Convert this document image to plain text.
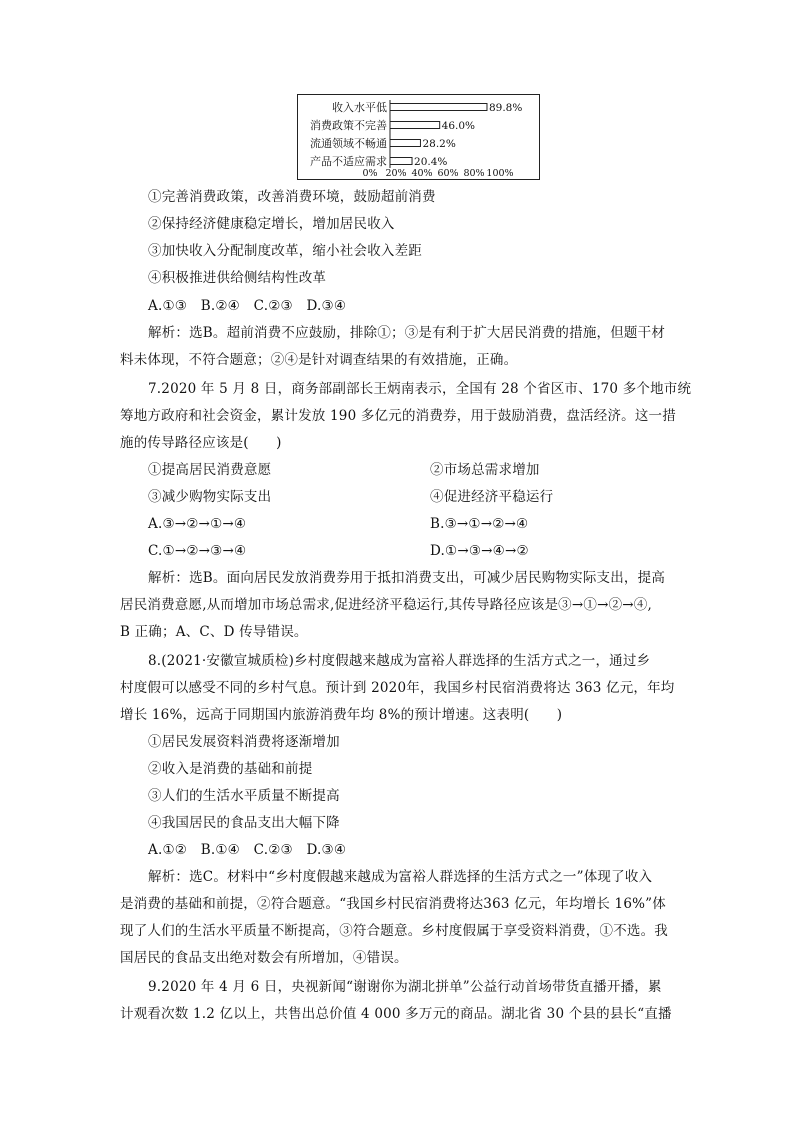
收入水平低	89.8%
消费政策不完善	46.0%
流通领域不畅通	28.2%
产品不适应需求	20.4%
0% 20% 40% 60% 80% 100%
①完善消费政策，改善消费环境，鼓励超前消费
②保持经济健康稳定增长，增加居民收入
③加快收入分配制度改革，缩小社会收入差距
④积极推进供给侧结构性改革
A.①③　B.②④　C.②③　D.③④
解析：选B。超前消费不应鼓励，排除①；③是有利于扩大居民消费的措施，但题干材
料未体现，不符合题意；②④是针对调查结果的有效措施，正确。
7.2020 年 5 月 8 日，商务部副部长王炳南表示，全国有 28 个省区市、170 多个地市统
筹地方政府和社会资金，累计发放 190 多亿元的消费券，用于鼓励消费，盘活经济。这一措
施的传导路径应该是(　　)
①提高居民消费意愿	②市场总需求增加
③减少购物实际支出	④促进经济平稳运行
A.③→②→①→④	B.③→①→②→④
C.①→②→③→④	D.①→③→④→②
解析：选B。面向居民发放消费券用于抵扣消费支出，可减少居民购物实际支出，提高
居民消费意愿,从而增加市场总需求,促进经济平稳运行,其传导路径应该是③→①→②→④,
B 正确；A、C、D 传导错误。
8.(2021·安徽宣城质检)乡村度假越来越成为富裕人群选择的生活方式之一，通过乡
村度假可以感受不同的乡村气息。预计到 2020年，我国乡村民宿消费将达 363 亿元，年均
增长 16%，远高于同期国内旅游消费年均 8%的预计增速。这表明(　　)
①居民发展资料消费将逐渐增加
②收入是消费的基础和前提
③人们的生活水平质量不断提高
④我国居民的食品支出大幅下降
A.①②　B.①④　C.②③　D.③④
解析：选C。材料中“乡村度假越来越成为富裕人群选择的生活方式之一”体现了收入
是消费的基础和前提，②符合题意。“我国乡村民宿消费将达363 亿元，年均增长 16%”体
现了人们的生活水平质量不断提高，③符合题意。乡村度假属于享受资料消费，①不选。我
国居民的食品支出绝对数会有所增加，④错误。
9.2020 年 4 月 6 日，央视新闻“谢谢你为湖北拼单”公益行动首场带货直播开播，累
计观看次数 1.2 亿以上，共售出总价值 4 000 多万元的商品。湖北省 30 个县的县长“直播
